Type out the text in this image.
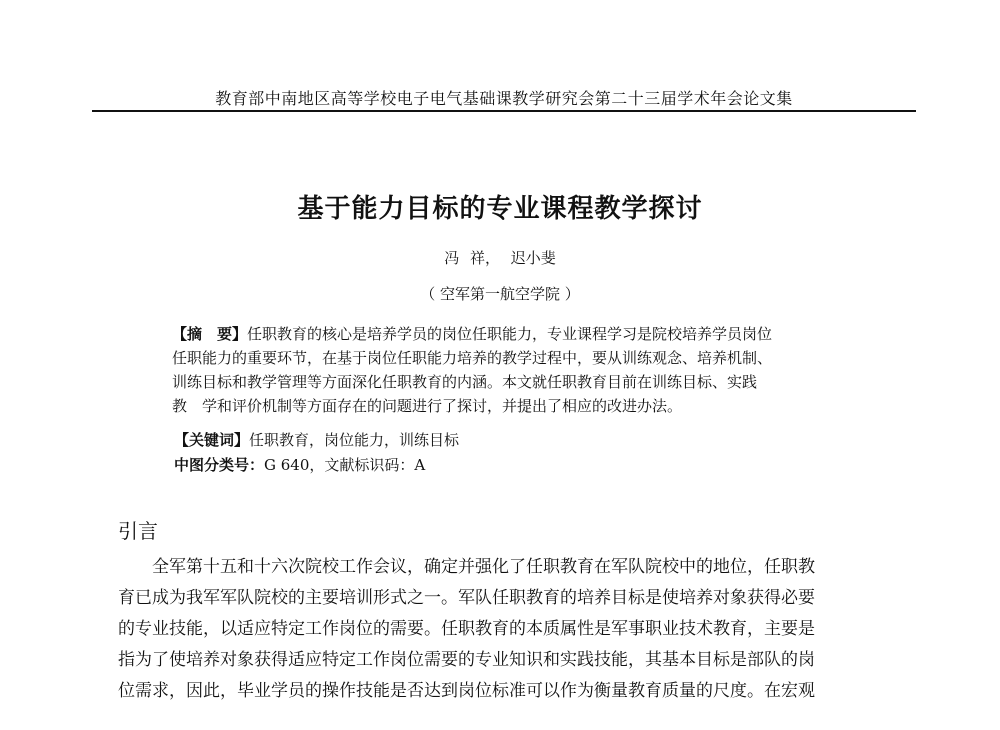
教育部中南地区高等学校电子电气基础课教学研究会第二十三届学术年会论文集
基于能力目标的专业课程教学探讨
冯 祥， 迟小斐
（ 空军第一航空学院 ）
【摘　要】任职教育的核心是培养学员的岗位任职能力，专业课程学习是院校培养学员岗位
任职能力的重要环节，在基于岗位任职能力培养的教学过程中，要从训练观念、培养机制、
训练目标和教学管理等方面深化任职教育的内涵。本文就任职教育目前在训练目标、实践
教　学和评价机制等方面存在的问题进行了探讨，并提出了相应的改进办法。
【关键词】任职教育，岗位能力，训练目标
中图分类号：G 640，文献标识码：A
引言
全军第十五和十六次院校工作会议，确定并强化了任职教育在军队院校中的地位，任职教
育已成为我军军队院校的主要培训形式之一。军队任职教育的培养目标是使培养对象获得必要
的专业技能，以适应特定工作岗位的需要。任职教育的本质属性是军事职业技术教育，主要是
指为了使培养对象获得适应特定工作岗位需要的专业知识和实践技能，其基本目标是部队的岗
位需求，因此，毕业学员的操作技能是否达到岗位标准可以作为衡量教育质量的尺度。在宏观
